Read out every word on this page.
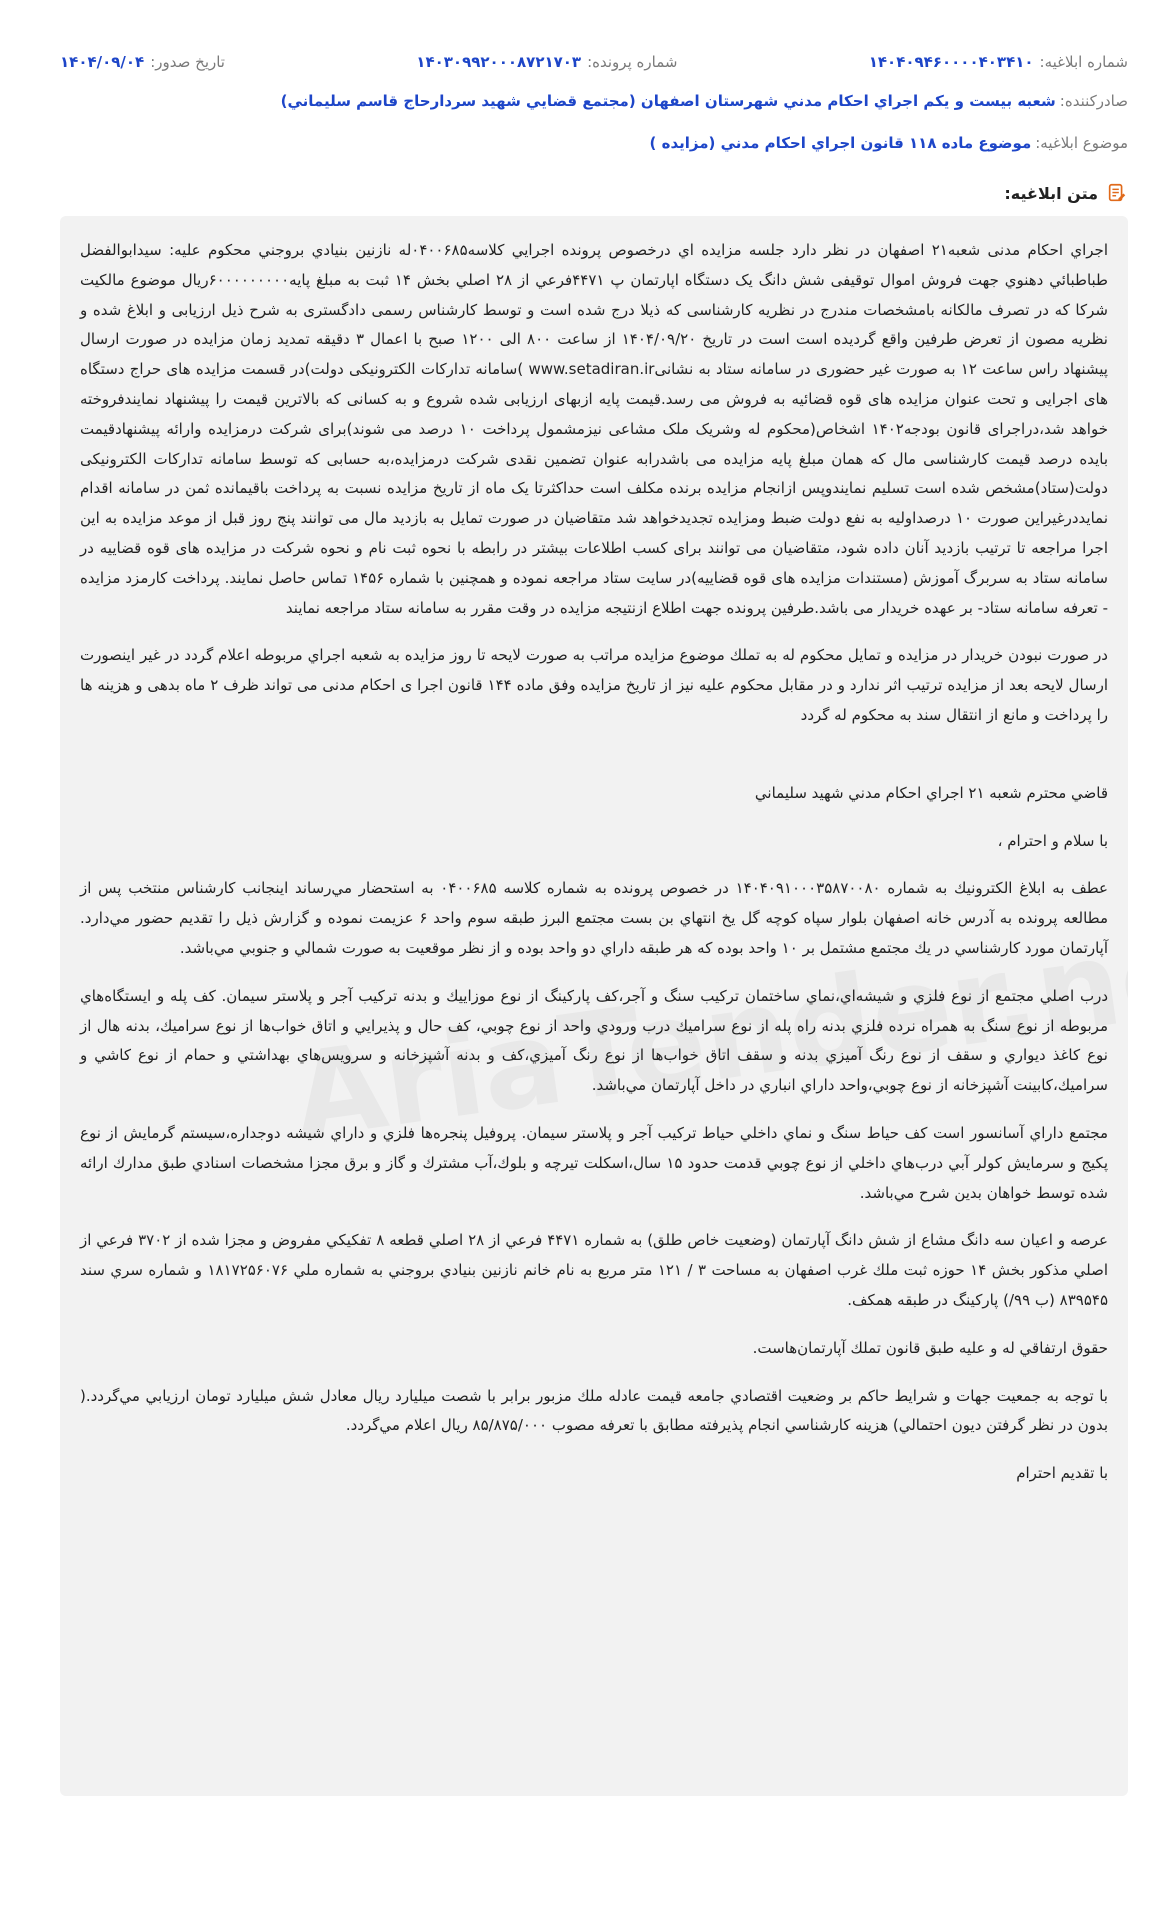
شماره ابلاغیه:۱۴۰۴۰۹۴۶۰۰۰۰۴۰۳۴۱۰
شماره پرونده:۱۴۰۳۰۹۹۲۰۰۰۸۷۲۱۷۰۳
تاریخ صدور:۱۴۰۴/۰۹/۰۴
صادرکننده:شعبه بیست و یکم اجراي احكام مدني شهرستان اصفهان (مجتمع قضايي شهيد سردارحاج قاسم سليماني)
موضوع ابلاغیه:موضوع ماده ۱۱۸ قانون اجراي احكام مدني (مزايده )
متن ابلاغیه:

اجراي احكام مدنی شعبه۲۱ اصفهان در نظر دارد جلسه مزايده اي درخصوص پرونده اجرايي كلاسه۰۴۰۰۶۸۵له نازنين بنيادي بروجني محكوم عليه: سیدابوالفضل طباطبائي دهنوي جهت فروش اموال توقيفی شش دانگ یک دستگاه اپارتمان پ ۴۴۷۱فرعي از ۲۸ اصلي بخش ۱۴ ثبت به مبلغ پايه۶۰۰۰۰۰۰۰۰۰ریال موضوع مالكيت شركا كه در تصرف مالكانه بامشخصات مندرج در نظريه كارشناسی كه ذيلا درج شده است و توسط كارشناس رسمی دادگستری به شرح ذيل ارزيابی و ابلاغ شده و نظريه مصون از تعرض طرفين واقع گرديده است است در تاريخ ۱۴۰۴/۰۹/۲۰ از ساعت ۸۰۰ الی ۱۲۰۰ صبح با اعمال ۳ دقيقه تمديد زمان مزايده در صورت ارسال پيشنهاد راس ساعت ۱۲ به صورت غير حضوری در سامانه ستاد به نشانیwww.setadiran.ir )سامانه تداركات الكترونيكی دولت)در قسمت مزايده های حراج دستگاه های اجرايی و تحت عنوان مزايده های قوه قضائيه به فروش می رسد.قيمت پايه ازبهای ارزيابی شده شروع و به كسانی كه بالاترين قيمت را پيشنهاد نمايندفروخته خواهد شد،دراجرای قانون بودجه۱۴۰۲ اشخاص(محکوم له وشریک ملک مشاعی نیزمشمول پرداخت ۱۰ درصد می شوند)برای شركت درمزايده وارائه پيشنهادقيمت بايده درصد قيمت كارشناسی مال كه همان مبلغ پايه مزايده می باشدرابه عنوان تضمين نقدی شركت درمزايده،به حسابی كه توسط سامانه تداركات الكترونيكی دولت(ستاد)مشخص شده است تسليم نمايندوپس ازانجام مزايده برنده مكلف است حداكثرتا يک ماه از تاريخ مزايده نسبت به پرداخت باقيمانده ثمن در سامانه اقدام نمايددرغيراين صورت ۱۰ درصداوليه به نفع دولت ضبط ومزايده تجديدخواهد شد متقاضيان در صورت تمايل به بازديد مال می توانند پنج روز قبل از موعد مزايده به اين اجرا مراجعه تا ترتيب بازديد آنان داده شود، متقاضيان می توانند برای كسب اطلاعات بيشتر در رابطه با نحوه ثبت نام و نحوه شركت در مزايده های قوه قضاييه در سامانه ستاد به سربرگ آموزش (مستندات مزايده های قوه قضاييه)در سايت ستاد مراجعه نموده و همچنين با شماره ۱۴۵۶ تماس حاصل نمايند. پرداخت كارمزد مزايده - تعرفه سامانه ستاد- بر عهده خريدار می باشد.طرفين پرونده جهت اطلاع ازنتيجه مزايده در وقت مقرر به سامانه ستاد مراجعه نمايند

در صورت نبودن خريدار در مزايده و تمايل محكوم له به تملك موضوع مزايده مراتب به صورت لايحه تا روز مزايده به شعبه اجراي مربوطه اعلام گردد در غير اينصورت ارسال لايحه بعد از مزايده ترتيب اثر ندارد و در مقابل محكوم عليه نيز از تاريخ مزايده وفق ماده ۱۴۴ قانون اجرا ی احكام مدنی می تواند ظرف ۲ ماه بدهی و هزينه ها را پرداخت و مانع از انتقال سند به محكوم له گردد

قاضي محترم شعبه ۲۱ اجراي احكام مدني شهيد سليماني

با سلام و احترام ،

عطف به ابلاغ الكترونيك به شماره ۱۴۰۴۰۹۱۰۰۰۳۵۸۷۰۰۸۰ در خصوص پرونده به شماره كلاسه ۰۴۰۰۶۸۵ به استحضار مي‌رساند اينجانب كارشناس منتخب پس از مطالعه پرونده به آدرس خانه اصفهان بلوار سپاه كوچه گل يخ انتهاي بن بست مجتمع البرز طبقه سوم واحد ۶ عزيمت نموده و گزارش ذيل را تقديم حضور مي‌دارد. آپارتمان مورد كارشناسي در يك مجتمع مشتمل بر ۱۰ واحد بوده كه هر طبقه داراي دو واحد بوده و از نظر موقعيت به صورت شمالي و جنوبي مي‌باشد.

درب اصلي مجتمع از نوع فلزي و شيشه‌اي،نماي ساختمان تركيب سنگ و آجر،كف پاركينگ از نوع موزاييك و بدنه تركيب آجر و پلاستر سيمان. كف پله و ايستگاه‌هاي مربوطه از نوع سنگ به همراه نرده فلزي بدنه راه پله از نوع سراميك درب ورودي واحد از نوع چوبي، كف حال و پذيرايي و اتاق خواب‌ها از نوع سراميك، بدنه هال از نوع كاغذ ديواري و سقف از نوع رنگ آميزي بدنه و سقف اتاق خواب‌ها از نوع رنگ آميزي،كف و بدنه آشپزخانه و سرويس‌هاي بهداشتي و حمام از نوع كاشي و سراميك،كابينت آشپزخانه از نوع چوبي،واحد داراي انباري در داخل آپارتمان مي‌باشد.

مجتمع داراي آسانسور است كف حياط سنگ و نماي داخلي حياط تركيب آجر و پلاستر سيمان. پروفيل پنجره‌ها فلزي و داراي شيشه دوجداره،سيستم گرمايش از نوع پكيج و سرمايش كولر آبي درب‌هاي داخلي از نوع چوبي قدمت حدود ۱۵ سال،اسكلت تيرچه و بلوك،آب مشترك و گاز و برق مجزا مشخصات اسنادي طبق مدارك ارائه شده توسط خواهان بدين شرح مي‌باشد.

عرصه و اعيان سه دانگ مشاع از شش دانگ آپارتمان (وضعيت خاص طلق) به شماره ۴۴۷۱ فرعي از ۲۸ اصلي قطعه ۸ تفكيكي مفروض و مجزا شده از ۳۷۰۲ فرعي از اصلي مذكور بخش ۱۴ حوزه ثبت ملك غرب اصفهان به مساحت ۳ / ۱۲۱ متر مربع به نام خانم نازنين بنيادي بروجني به شماره ملي ۱۸۱۷۲۵۶۰۷۶ و شماره سري سند ۸۳۹۵۴۵ (ب ۹۹/) پاركينگ در طبقه همكف.

حقوق ارتفاقي له و عليه طبق قانون تملك آپارتمان‌هاست.

با توجه به جمعيت جهات و شرايط حاكم بر وضعيت اقتصادي جامعه قيمت عادله ملك مزبور برابر با شصت ميليارد ريال معادل شش ميليارد تومان ارزيابي مي‌گردد.( بدون در نظر گرفتن ديون احتمالي) هزينه كارشناسي انجام پذيرفته مطابق با تعرفه مصوب ۸۵/۸۷۵/۰۰۰ ريال اعلام مي‌گردد.

با تقديم احترام
